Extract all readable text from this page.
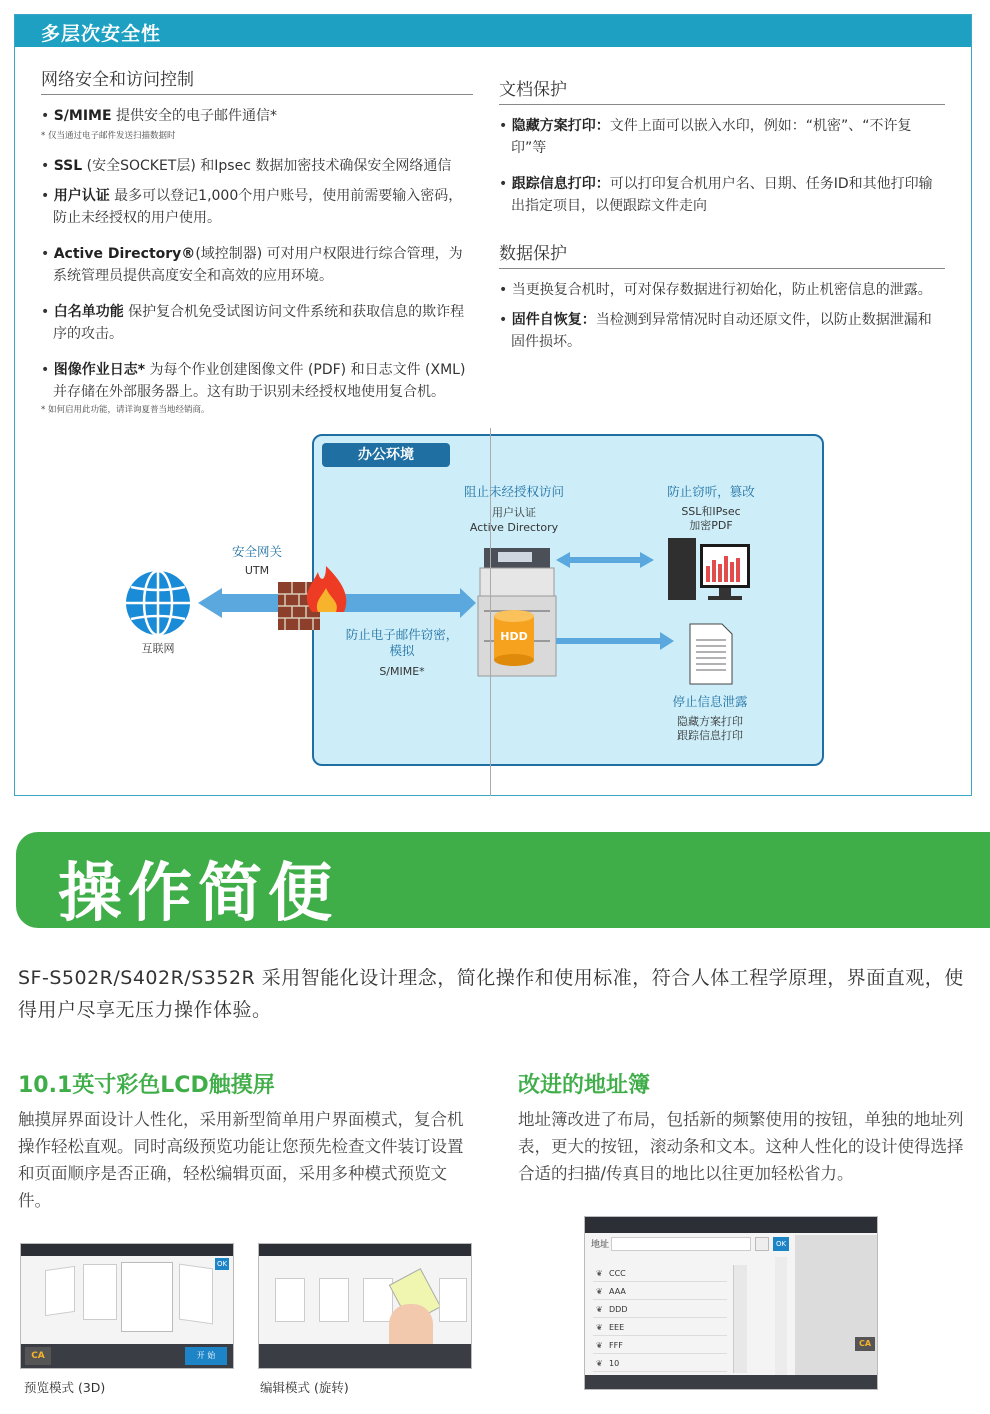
多层次安全性
网络安全和访问控制
• S/MIME 提供安全的电子邮件通信*
* 仅当通过电子邮件发送扫描数据时
• SSL (安全SOCKET层) 和Ipsec 数据加密技术确保安全网络通信
• 用户认证 最多可以登记1,000个用户账号，使用前需要输入密码，防止未经授权的用户使用。
• Active Directory®(域控制器) 可对用户权限进行综合管理，为系统管理员提供高度安全和高效的应用环境。
• 白名单功能 保护复合机免受试图访问文件系统和获取信息的欺诈程序的攻击。
• 图像作业日志* 为每个作业创建图像文件 (PDF) 和日志文件 (XML) 并存储在外部服务器上。这有助于识别未经授权地使用复合机。
* 如何启用此功能，请详询夏普当地经销商。
文档保护
• 隐藏方案打印：文件上面可以嵌入水印，例如：“机密”、“不许复印”等
• 跟踪信息打印：可以打印复合机用户名、日期、任务ID和其他打印输出指定项目，以便跟踪文件走向
数据保护
• 当更换复合机时，可对保存数据进行初始化，防止机密信息的泄露。
• 固件自恢复：当检测到异常情况时自动还原文件，以防止数据泄漏和固件损坏。
办公环境
互联网
安全网关
UTM
阻止未经授权访问
用户认证
Active Directory
防止窃听，篡改
SSL和IPsec
加密PDF
防止电子邮件窃密，
模拟
S/MIME*
HDD
停止信息泄露
隐藏方案打印
跟踪信息打印
操作简便
SF-S502R/S402R/S352R 采用智能化设计理念，简化操作和使用标准，符合人体工程学原理，界面直观，使得用户尽享无压力操作体验。
10.1英寸彩色LCD触摸屏
触摸屏界面设计人性化，采用新型简单用户界面模式，复合机操作轻松直观。同时高级预览功能让您预先检查文件装订设置和页面顺序是否正确，轻松编辑页面，采用多种模式预览文件。
改进的地址簿
地址簿改进了布局，包括新的频繁使用的按钮，单独的地址列表，更大的按钮，滚动条和文本。这种人性化的设计使得选择合适的扫描/传真目的地比以往更加轻松省力。
OK
CA	开 始
预览模式 (3D)	编辑模式 (旋转)
地址	OK
❦ CCC
❦ AAA
❦ DDD
❦ EEE
❦ FFF
❦ 10
CA
